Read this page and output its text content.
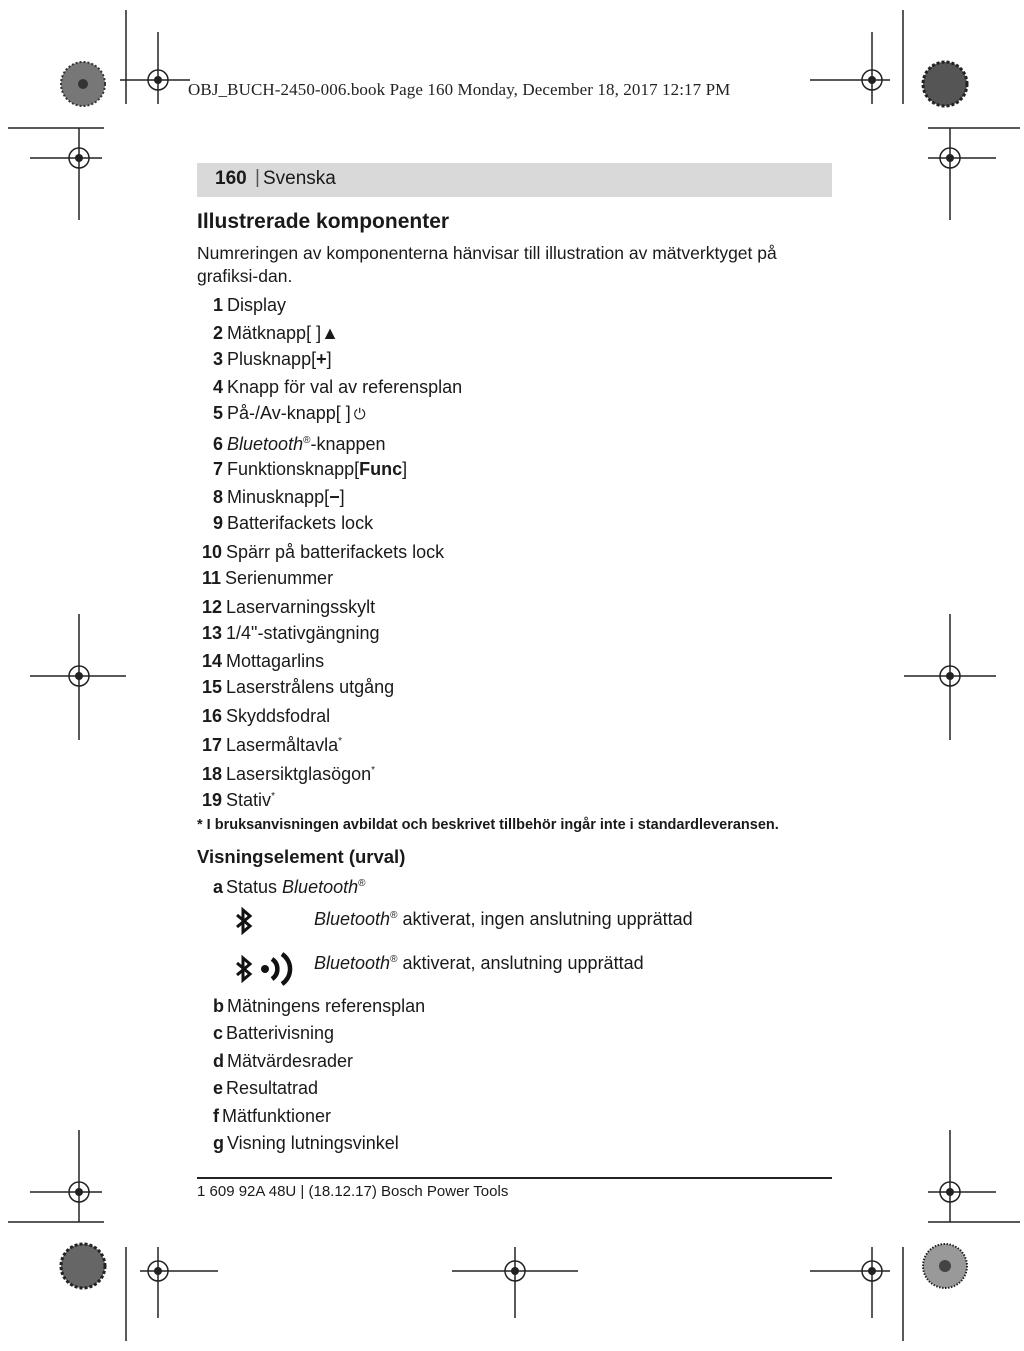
OBJ_BUCH-2450-006.book Page 160 Monday, December 18, 2017 12:17 PM
160 | Svenska
Illustrerade komponenter

Numreringen av komponenterna hänvisar till illustration av mätverktyget på grafiksi-dan.

1 Display
2 Mätknapp[ ]▲
3 Plusknapp[+]
4 Knapp för val av referensplan
5 På-/Av-knapp[ ] ⏻
6 Bluetooth®-knappen
7 Funktionsknapp[Func]
8 Minusknapp[−]
9 Batterifackets lock
10 Spärr på batterifackets lock
11 Serienummer
12 Laservarningsskylt
13 1/4"-stativgängning
14 Mottagarlins
15 Laserstrålens utgång
16 Skyddsfodral
17 Lasermåltavla*
18 Lasersiktglasögon*
19 Stativ*
* I bruksanvisningen avbildat och beskrivet tillbehör ingår inte i standardleveransen.
Visningselement (urval)
a Status Bluetooth®
b Mätningens referensplan
c Batterivisning
d Mätvärdesrader
e Resultatrad
f Mätfunktioner
g Visning lutningsvinkel
Bluetooth® aktiverat, ingen anslutning upprättad
Bluetooth® aktiverat, anslutning upprättad
1 609 92A 48U | (18.12.17) Bosch Power Tools
